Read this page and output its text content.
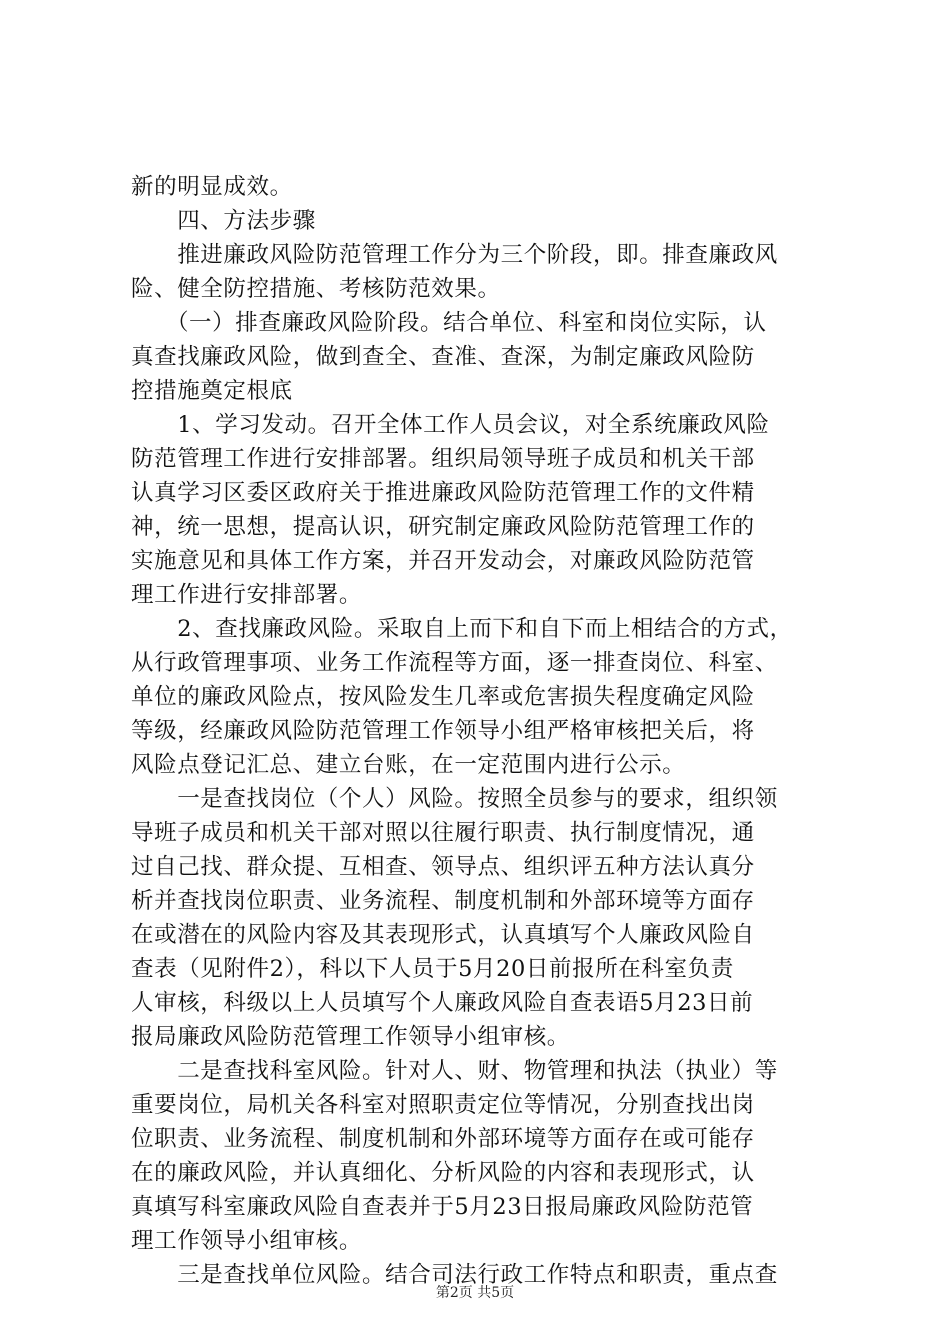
新的明显成效。
　　四、方法步骤
　　推进廉政风险防范管理工作分为三个阶段，即。排查廉政风
险、健全防控措施、考核防范效果。
　　（一）排查廉政风险阶段。结合单位、科室和岗位实际，认
真查找廉政风险，做到查全、查准、查深，为制定廉政风险防
控措施奠定根底
　　1、学习发动。召开全体工作人员会议，对全系统廉政风险
防范管理工作进行安排部署。组织局领导班子成员和机关干部
认真学习区委区政府关于推进廉政风险防范管理工作的文件精
神，统一思想，提高认识，研究制定廉政风险防范管理工作的
实施意见和具体工作方案，并召开发动会，对廉政风险防范管
理工作进行安排部署。
　　2、查找廉政风险。采取自上而下和自下而上相结合的方式，
从行政管理事项、业务工作流程等方面，逐一排查岗位、科室、
单位的廉政风险点，按风险发生几率或危害损失程度确定风险
等级，经廉政风险防范管理工作领导小组严格审核把关后，将
风险点登记汇总、建立台账，在一定范围内进行公示。
　　一是查找岗位（个人）风险。按照全员参与的要求，组织领
导班子成员和机关干部对照以往履行职责、执行制度情况，通
过自己找、群众提、互相查、领导点、组织评五种方法认真分
析并查找岗位职责、业务流程、制度机制和外部环境等方面存
在或潜在的风险内容及其表现形式，认真填写个人廉政风险自
查表（见附件2），科以下人员于5月20日前报所在科室负责
人审核，科级以上人员填写个人廉政风险自查表语5月23日前
报局廉政风险防范管理工作领导小组审核。
　　二是查找科室风险。针对人、财、物管理和执法（执业）等
重要岗位，局机关各科室对照职责定位等情况，分别查找出岗
位职责、业务流程、制度机制和外部环境等方面存在或可能存
在的廉政风险，并认真细化、分析风险的内容和表现形式，认
真填写科室廉政风险自查表并于5月23日报局廉政风险防范管
理工作领导小组审核。
　　三是查找单位风险。结合司法行政工作特点和职责，重点查
第2页 共5页
